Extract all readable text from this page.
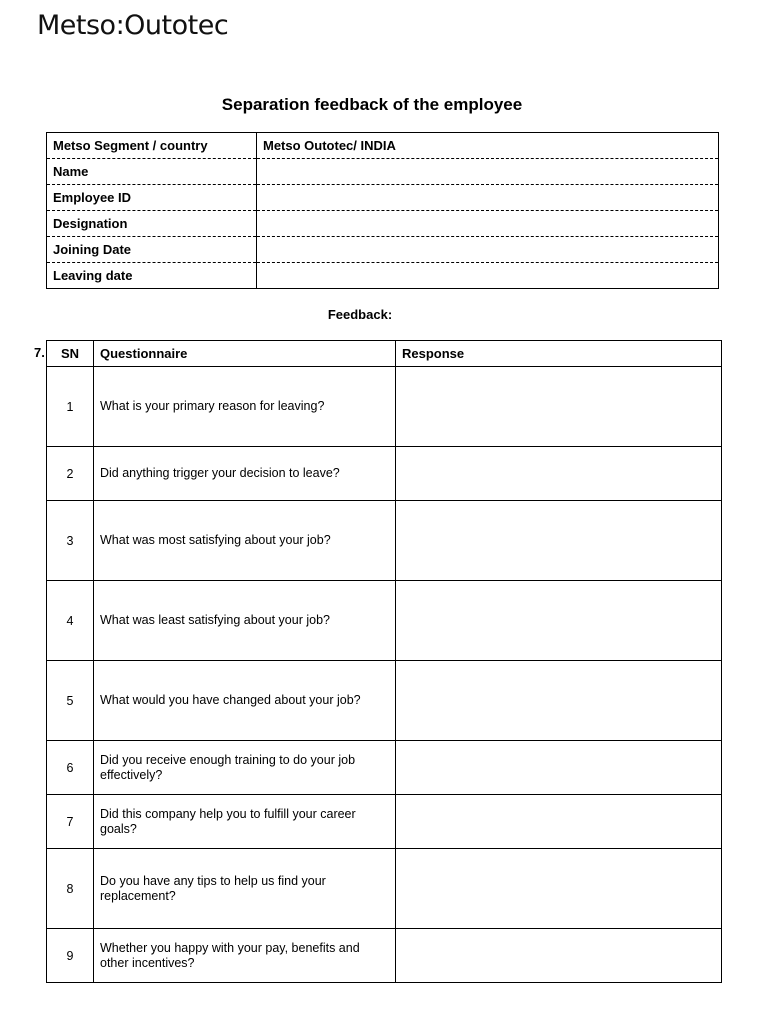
Metso:Outotec
Separation feedback of the employee
Metso Segment / country	Metso Outotec/ INDIA
Name	
Employee ID	
Designation	
Joining Date	
Leaving date	
Feedback:
7. SN	Questionnaire	Response
1	What is your primary reason for leaving?	
2	Did anything trigger your decision to leave?	
3	What was most satisfying about your job?	
4	What was least satisfying about your job?	
5	What would you have changed about your job?	
6	Did you receive enough training to do your job effectively?	
7	Did this company help you to fulfill your career goals?	
8	Do you have any tips to help us find your replacement?	
9	Whether you happy with your pay, benefits and other incentives?	
